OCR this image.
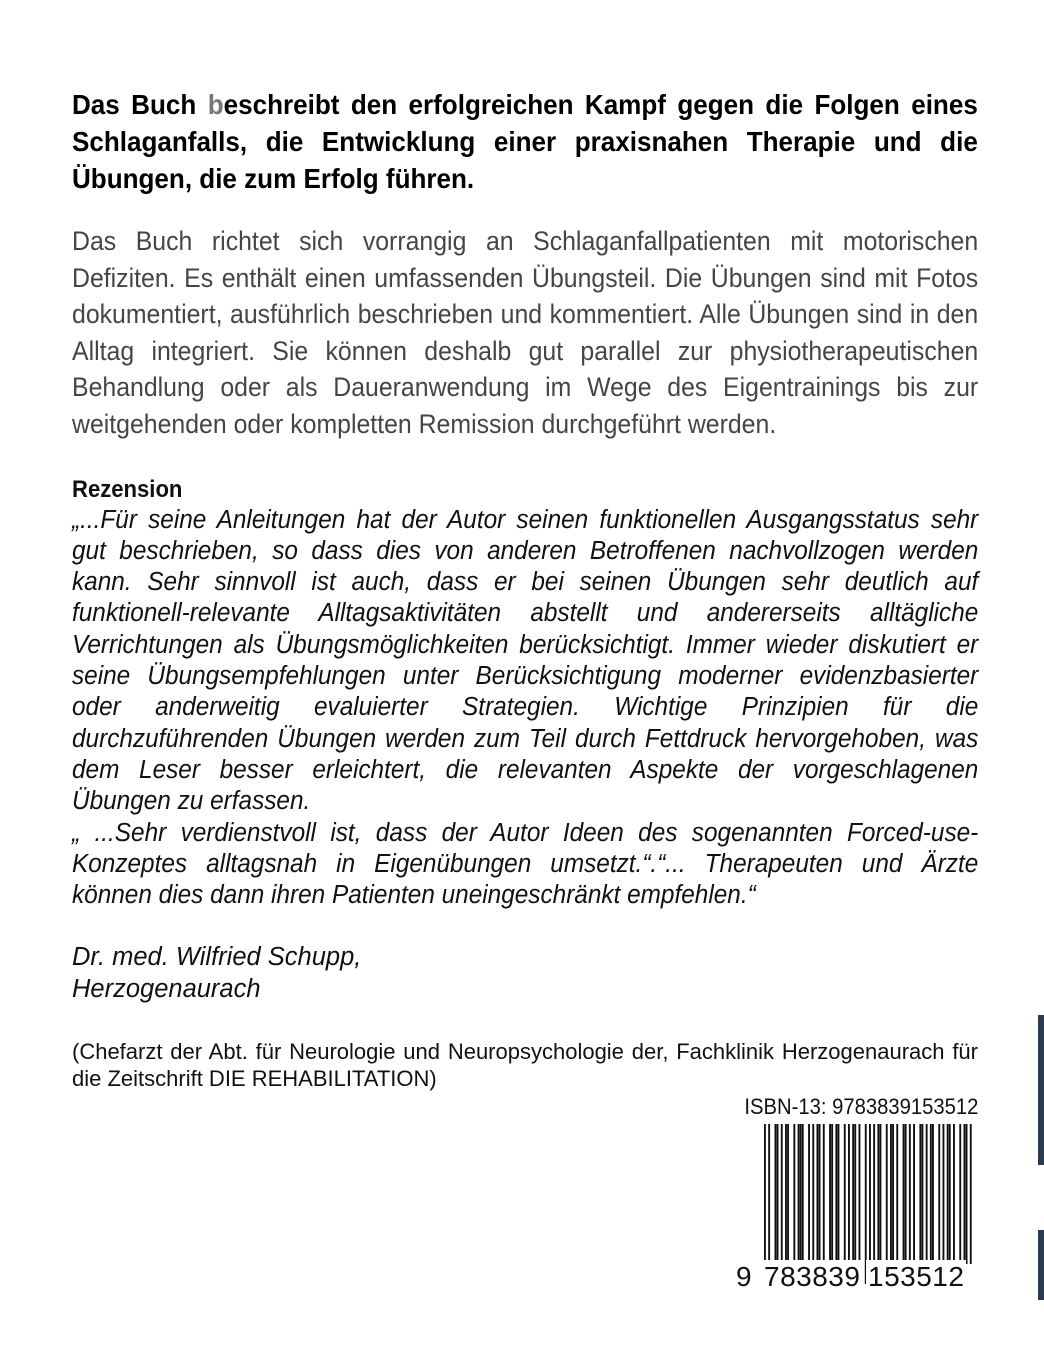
Das Buch beschreibt den erfolgreichen Kampf gegen die Folgen eines Schlaganfalls, die Entwicklung einer praxisnahen Therapie und die Übungen, die zum Erfolg führen.
Das Buch richtet sich vorrangig an Schlaganfallpatienten mit motorischen Defiziten. Es enthält einen umfassenden Übungsteil. Die Übungen sind mit Fotos dokumentiert, ausführlich beschrieben und kommentiert. Alle Übungen sind in den Alltag integriert. Sie können deshalb gut parallel zur physiotherapeutischen Behandlung oder als Daueranwendung im Wege des Eigentrainings bis zur weitgehenden oder kompletten Remission durchgeführt werden.
Rezension

„...Für seine Anleitungen hat der Autor seinen funktionellen Ausgangsstatus sehr gut beschrieben, so dass dies von anderen Betroffenen nachvollzogen werden kann. Sehr sinnvoll ist auch, dass er bei seinen Übungen sehr deutlich auf funktionell-relevante Alltagsaktivitäten abstellt und andererseits alltägliche Verrichtungen als Übungsmöglichkeiten berücksichtigt. Immer wieder diskutiert er seine Übungsempfehlungen unter Berücksichtigung moderner evidenzbasierter oder anderweitig evaluierter Strategien. Wichtige Prinzipien für die durchzuführenden Übungen werden zum Teil durch Fettdruck hervorgehoben, was dem Leser besser erleichtert, die relevanten Aspekte der vorgeschlagenen Übungen zu erfassen.

„ ...Sehr verdienstvoll ist, dass der Autor Ideen des sogenannten Forced-use-Konzeptes alltagsnah in Eigenübungen umsetzt.“.“... Therapeuten und Ärzte können dies dann ihren Patienten uneingeschränkt empfehlen.“

Dr. med. Wilfried Schupp,
Herzogenaurach
(Chefarzt der Abt. für Neurologie und Neuropsychologie der, Fachklinik Herzogenaurach für die Zeitschrift DIE REHABILITATION)
ISBN-13: 9783839153512
9 783839 153512
